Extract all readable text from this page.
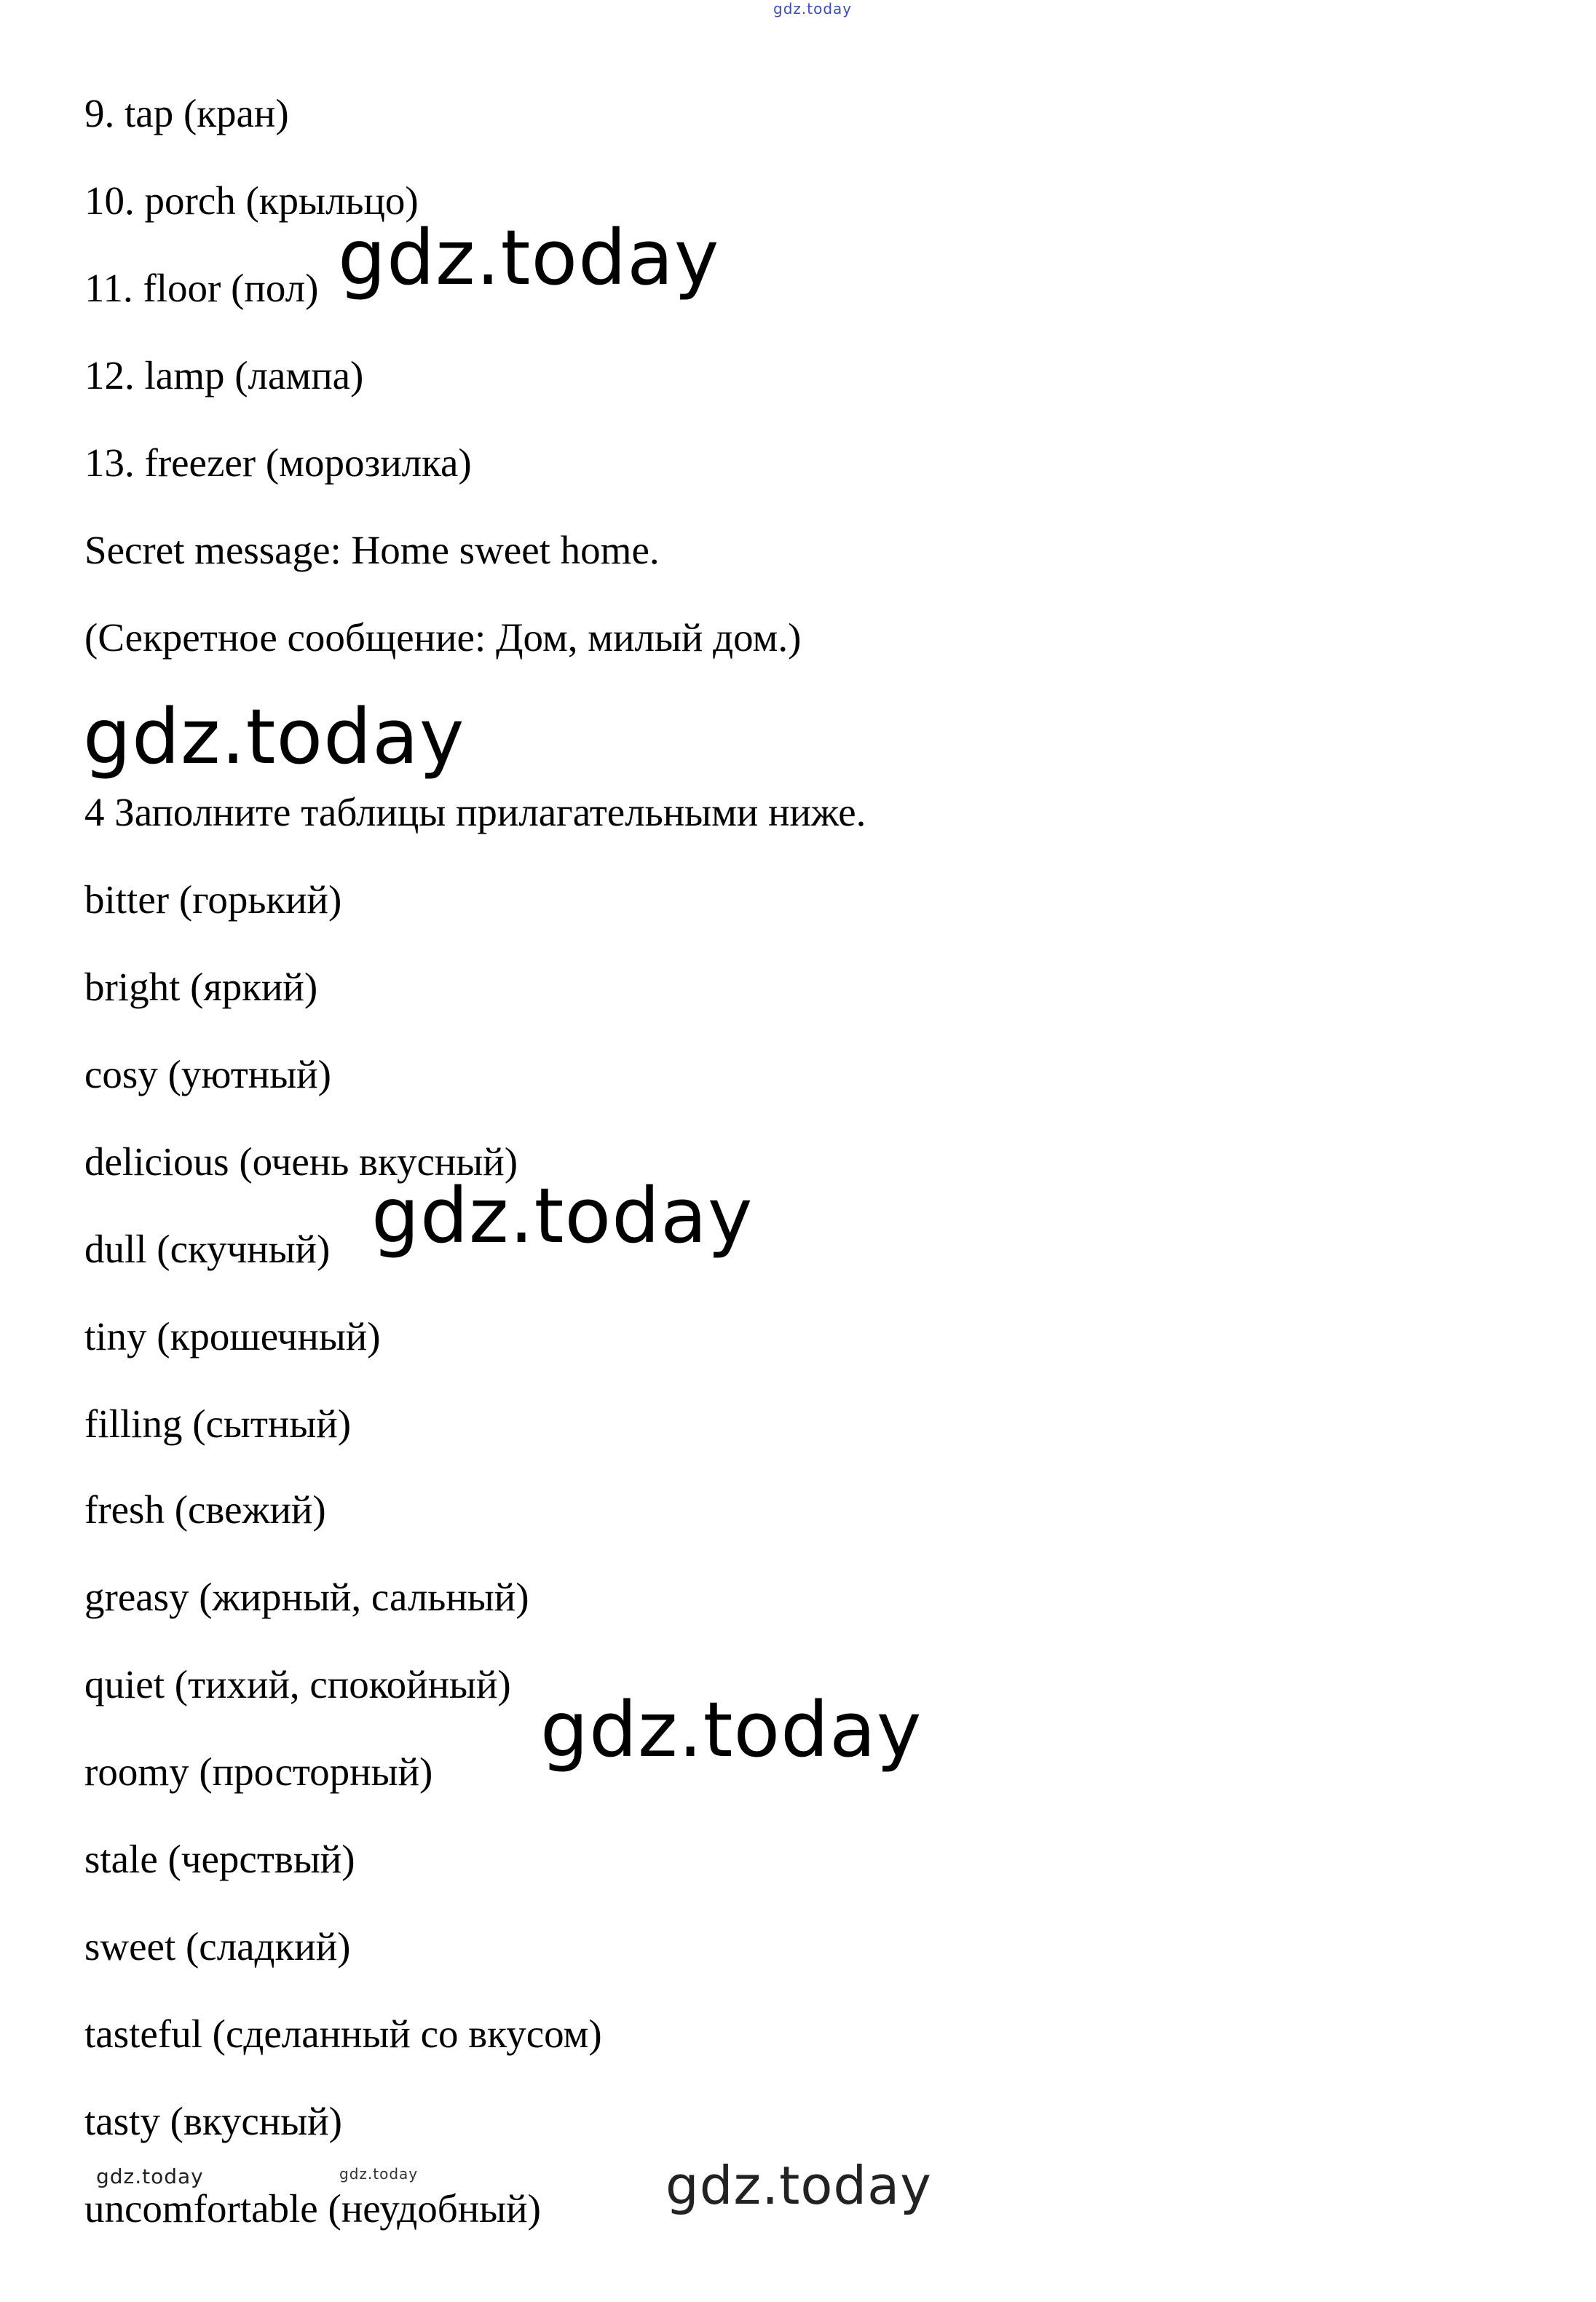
gdz.today
9. tap (кран)
10. porch (крыльцо)
11. floor (пол)
12. lamp (лампа)
13. freezer (морозилка)
Secret message: Home sweet home.
(Секретное сообщение: Дом, милый дом.)
4 Заполните таблицы прилагательными ниже.
bitter (горький)
bright (яркий)
cosy (уютный)
delicious (очень вкусный)
dull (скучный)
tiny (крошечный)
filling (сытный)
fresh (свежий)
greasy (жирный, сальный)
quiet (тихий, спокойный)
roomy (просторный)
stale (черствый)
sweet (сладкий)
tasteful (сделанный со вкусом)
tasty (вкусный)
uncomfortable (неудобный)
gdz.today
gdz.today
gdz.today
gdz.today
gdz.today	gdz.today	gdz.today
